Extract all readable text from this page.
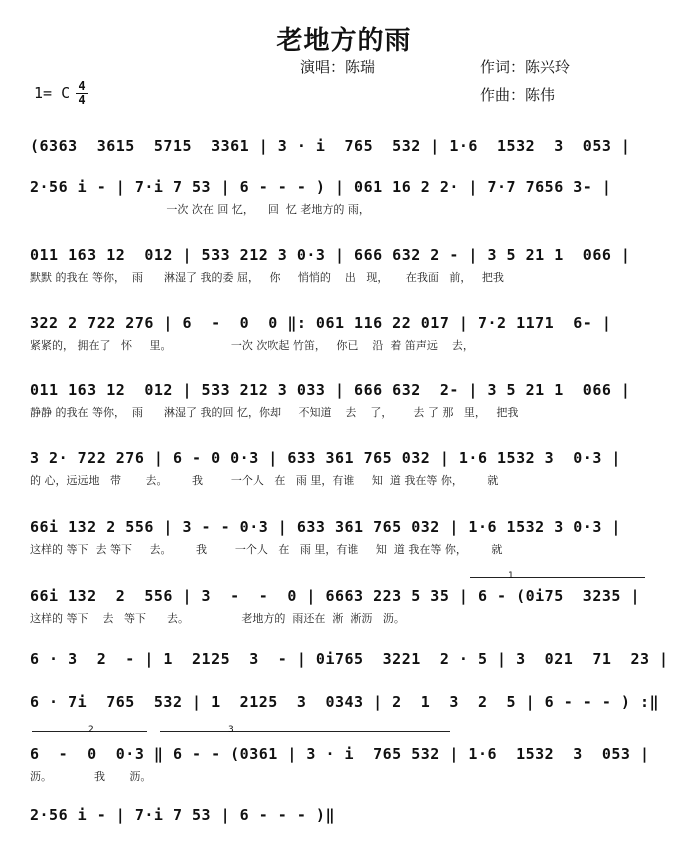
老地方的雨
演唱：陈瑞	作词：陈兴玲
作曲：陈伟
1= C 4
4
(6363  3615  5715  3361 | 3 · i  765  532 | 1·6  1532  3  053 |
2·56 i - | 7·i 7 53 | 6 - - - ) | 061 16 2 2· | 7·7 7656 3- |
一次 次在 回 忆，    回  忆 老地方的 雨，
011 163 12  012 | 533 212 3 0·3 | 666 632 2 - | 3 5 21 1  066 |
默默 的我在 等你，  雨      淋湿了 我的委 屈，   你     悄悄的    出   现，     在我面   前，   把我
322 2 722 276 | 6  -  0  0 ‖: 061 116 22 017 | 7·2 1171  6- |
紧紧的， 拥在了   怀     里。                 一次 次吹起 竹笛，   你已    沿  着 笛声远    去，
011 163 12  012 | 533 212 3 033 | 666 632  2- | 3 5 21 1  066 |
静静 的我在 等你，  雨      淋湿了 我的回 忆，你却     不知道    去    了，      去 了 那   里，   把我
3 2· 722 276 | 6 - 0 0·3 | 633 361 765 032 | 1·6 1532 3  0·3 |
的 心，远远地   带       去。       我        一个人   在   雨 里，有谁     知  道 我在等 你，       就
66i 132 2 556 | 3 - - 0·3 | 633 361 765 032 | 1·6 1532 3 0·3 |
这样的 等下  去 等下     去。       我        一个人   在   雨 里，有谁     知  道 我在等 你，       就
66i 132  2  556 | 3  -  -  0 | 6663 223 5 35 | 6 - (0i75  3235 |
这样的 等下    去   等下      去。               老地方的  雨还在  淅  淅沥   沥。
6 · 3  2  - | 1  2125  3  - | 0i765  3221  2 · 5 | 3  021  71  23 |
6 · 7i  765  532 | 1  2125  3  0343 | 2  1  3  2  5 | 6 - - - ) :‖
6  -  0  0·3 ‖ 6 - - (0361 | 3 · i  765 532 | 1·6  1532  3  053 |
沥。            我       沥。
2·56 i - | 7·i 7 53 | 6 - - - )‖
1
2	3
